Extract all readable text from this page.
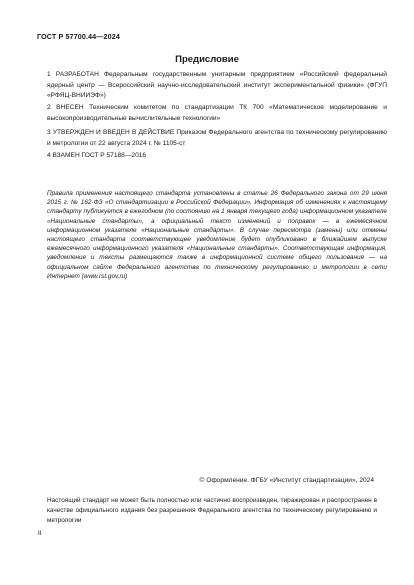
ГОСТ Р 57700.44—2024
Предисловие
1 РАЗРАБОТАН Федеральным государственным унитарным предприятием «Российский федеральный ядерный центр — Всероссийский научно-исследовательский институт экспериментальной физики» (ФГУП «РФЯЦ-ВНИИЭФ»)
2 ВНЕСЕН Техническим комитетом по стандартизации ТК 700 «Математическое моделирование и высокопроизводительные вычислительные технологии»
3 УТВЕРЖДЕН И ВВЕДЕН В ДЕЙСТВИЕ Приказом Федерального агентства по техническому регулированию и метрологии от 22 августа 2024 г. № 1105-ст
4 ВЗАМЕН ГОСТ Р 57188—2016
Правила применения настоящего стандарта установлены в статье 26 Федерального закона от 29 июня 2015 г. № 162-ФЗ «О стандартизации в Российской Федерации». Информация об изменениях к настоящему стандарту публикуется в ежегодном (по состоянию на 1 января текущего года) информационном указателе «Национальные стандарты», а официальный текст изменений и поправок — в ежемесячном информационном указателе «Национальные стандарты». В случае пересмотра (замены) или отмены настоящего стандарта соответствующее уведомление будет опубликовано в ближайшем выпуске ежемесячного информационного указателя «Национальные стандарты». Соответствующая информация, уведомление и тексты размещаются также в информационной системе общего пользования — на официальном сайте Федерального агентства по техническому регулированию и метрологии в сети Интернет (www.rst.gov.ru)
© Оформление. ФГБУ «Институт стандартизации», 2024
Настоящий стандарт не может быть полностью или частично воспроизведен, тиражирован и распространен в качестве официального издания без разрешения Федерального агентства по техническому регулированию и метрологии
II
